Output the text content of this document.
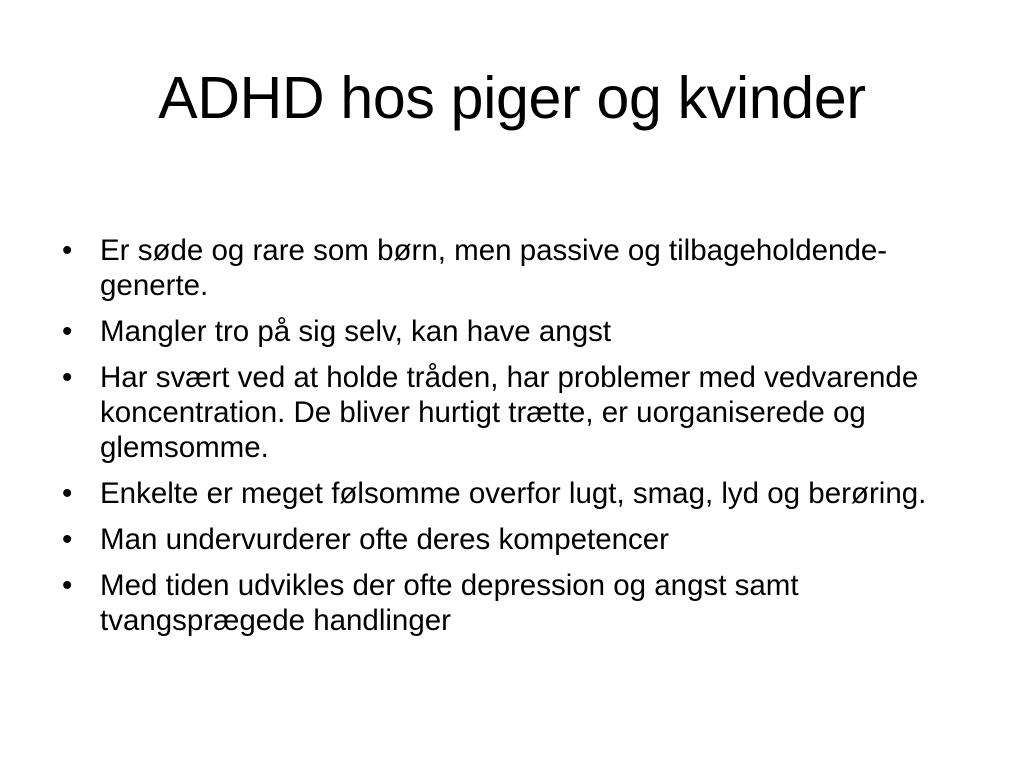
ADHD hos piger og kvinder
• Er søde og rare som børn, men passive og tilbageholdende-generte.
• Mangler tro på sig selv, kan have angst
• Har svært ved at holde tråden, har problemer med vedvarende koncentration. De bliver hurtigt trætte, er uorganiserede og glemsomme.
• Enkelte er meget følsomme overfor lugt, smag, lyd og berøring.
• Man undervurderer ofte deres kompetencer
• Med tiden udvikles der ofte depression og angst samt tvangsprægede handlinger
